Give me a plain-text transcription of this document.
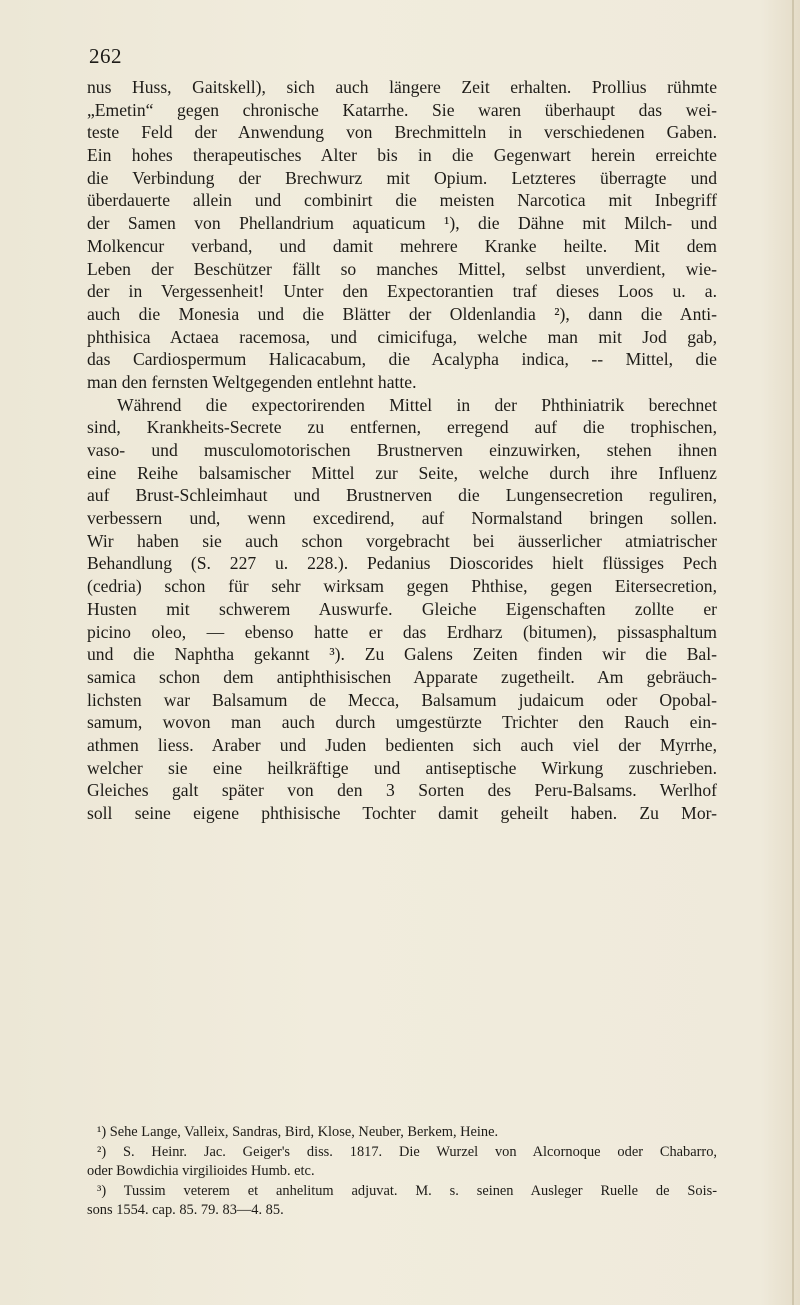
262
nus Huss, Gaitskell), sich auch längere Zeit erhalten. Prollius rühmte
„Emetin“ gegen chronische Katarrhe. Sie waren überhaupt das wei-
teste Feld der Anwendung von Brechmitteln in verschiedenen Gaben.
Ein hohes therapeutisches Alter bis in die Gegenwart herein erreichte
die Verbindung der Brechwurz mit Opium. Letzteres überragte und
überdauerte allein und combinirt die meisten Narcotica mit Inbegriff
der Samen von Phellandrium aquaticum ¹), die Dähne mit Milch- und
Molkencur verband, und damit mehrere Kranke heilte. Mit dem
Leben der Beschützer fällt so manches Mittel, selbst unverdient, wie-
der in Vergessenheit! Unter den Expectorantien traf dieses Loos u. a.
auch die Monesia und die Blätter der Oldenlandia ²), dann die Anti-
phthisica Actaea racemosa, und cimicifuga, welche man mit Jod gab,
das Cardiospermum Halicacabum, die Acalypha indica, -- Mittel, die
man den fernsten Weltgegenden entlehnt hatte.
Während die expectorirenden Mittel in der Phthiniatrik berechnet
sind, Krankheits-Secrete zu entfernen, erregend auf die trophischen,
vaso- und musculomotorischen Brustnerven einzuwirken, stehen ihnen
eine Reihe balsamischer Mittel zur Seite, welche durch ihre Influenz
auf Brust-Schleimhaut und Brustnerven die Lungensecretion reguliren,
verbessern und, wenn excedirend, auf Normalstand bringen sollen.
Wir haben sie auch schon vorgebracht bei äusserlicher atmiatrischer
Behandlung (S. 227 u. 228.). Pedanius Dioscorides hielt flüssiges Pech
(cedria) schon für sehr wirksam gegen Phthise, gegen Eitersecretion,
Husten mit schwerem Auswurfe. Gleiche Eigenschaften zollte er
picino oleo, — ebenso hatte er das Erdharz (bitumen), pissasphaltum
und die Naphtha gekannt ³). Zu Galens Zeiten finden wir die Bal-
samica schon dem antiphthisischen Apparate zugetheilt. Am gebräuch-
lichsten war Balsamum de Mecca, Balsamum judaicum oder Opobal-
samum, wovon man auch durch umgestürzte Trichter den Rauch ein-
athmen liess. Araber und Juden bedienten sich auch viel der Myrrhe,
welcher sie eine heilkräftige und antiseptische Wirkung zuschrieben.
Gleiches galt später von den 3 Sorten des Peru-Balsams. Werlhof
soll seine eigene phthisische Tochter damit geheilt haben. Zu Mor-
¹) Sehe Lange, Valleix, Sandras, Bird, Klose, Neuber, Berkem, Heine.
²) S. Heinr. Jac. Geiger's diss. 1817. Die Wurzel von Alcornoque oder Chabarro,
oder Bowdichia virgilioides Humb. etc.
³) Tussim veterem et anhelitum adjuvat. M. s. seinen Ausleger Ruelle de Sois-
sons 1554. cap. 85. 79. 83—4. 85.
